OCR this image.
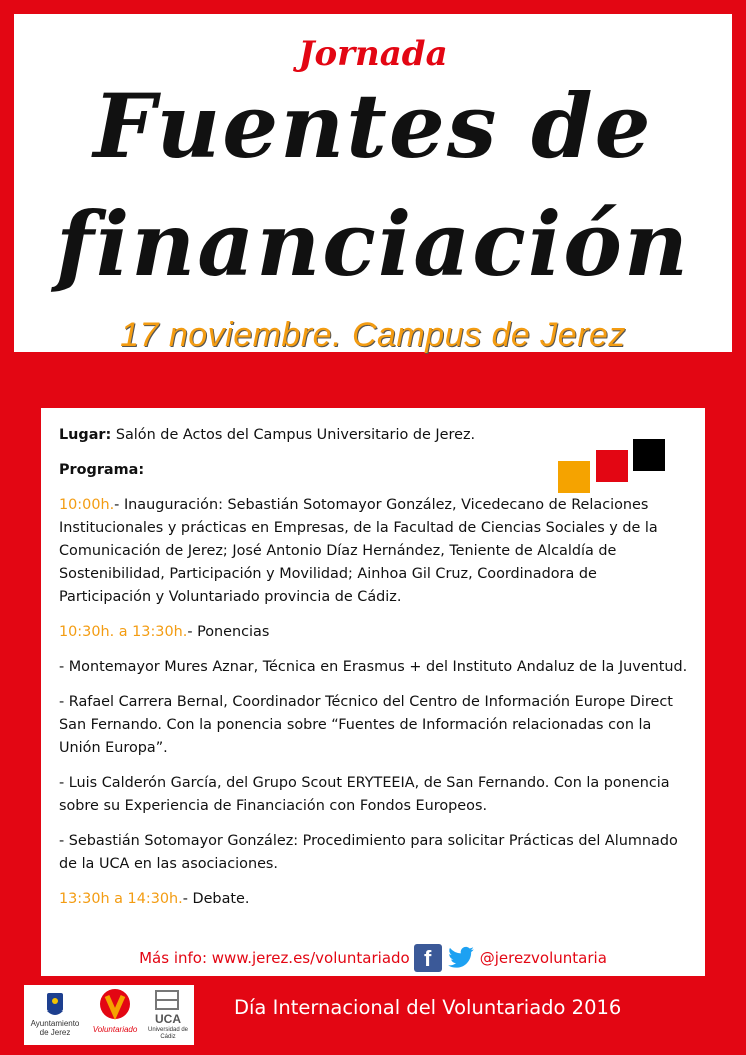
Jornada
Fuentes de
financiación
17 noviembre. Campus de Jerez

Lugar: Salón de Actos del Campus Universitario de Jerez.

Programa:

10:00h.- Inauguración: Sebastián Sotomayor González, Vicedecano de Relaciones Institucionales y prácticas en Empresas, de la Facultad de Ciencias Sociales y de la Comunicación de Jerez; José Antonio Díaz Hernández, Teniente de Alcaldía de Sostenibilidad, Participación y Movilidad; Ainhoa Gil Cruz, Coordinadora de Participación y Voluntariado provincia de Cádiz.

10:30h. a 13:30h.- Ponencias

- Montemayor Mures Aznar, Técnica en Erasmus + del Instituto Andaluz de la Juventud.

- Rafael Carrera Bernal, Coordinador Técnico del Centro de Información Europe Direct San Fernando. Con la ponencia sobre “Fuentes de Información relacionadas con la Unión Europa”.

- Luis Calderón García, del Grupo Scout ERYTEEIA, de San Fernando. Con la ponencia sobre su Experiencia de Financiación con Fondos Europeos.

- Sebastián Sotomayor González: Procedimiento para solicitar Prácticas del Alumnado de la UCA en las asociaciones.

13:30h a 14:30h.- Debate.

Más info: www.jerez.es/voluntariado f	@jerezvoluntaria
Ayuntamiento de Jerez	Voluntariado
UCA
Universidad de Cádiz
Día Internacional del Voluntariado 2016
